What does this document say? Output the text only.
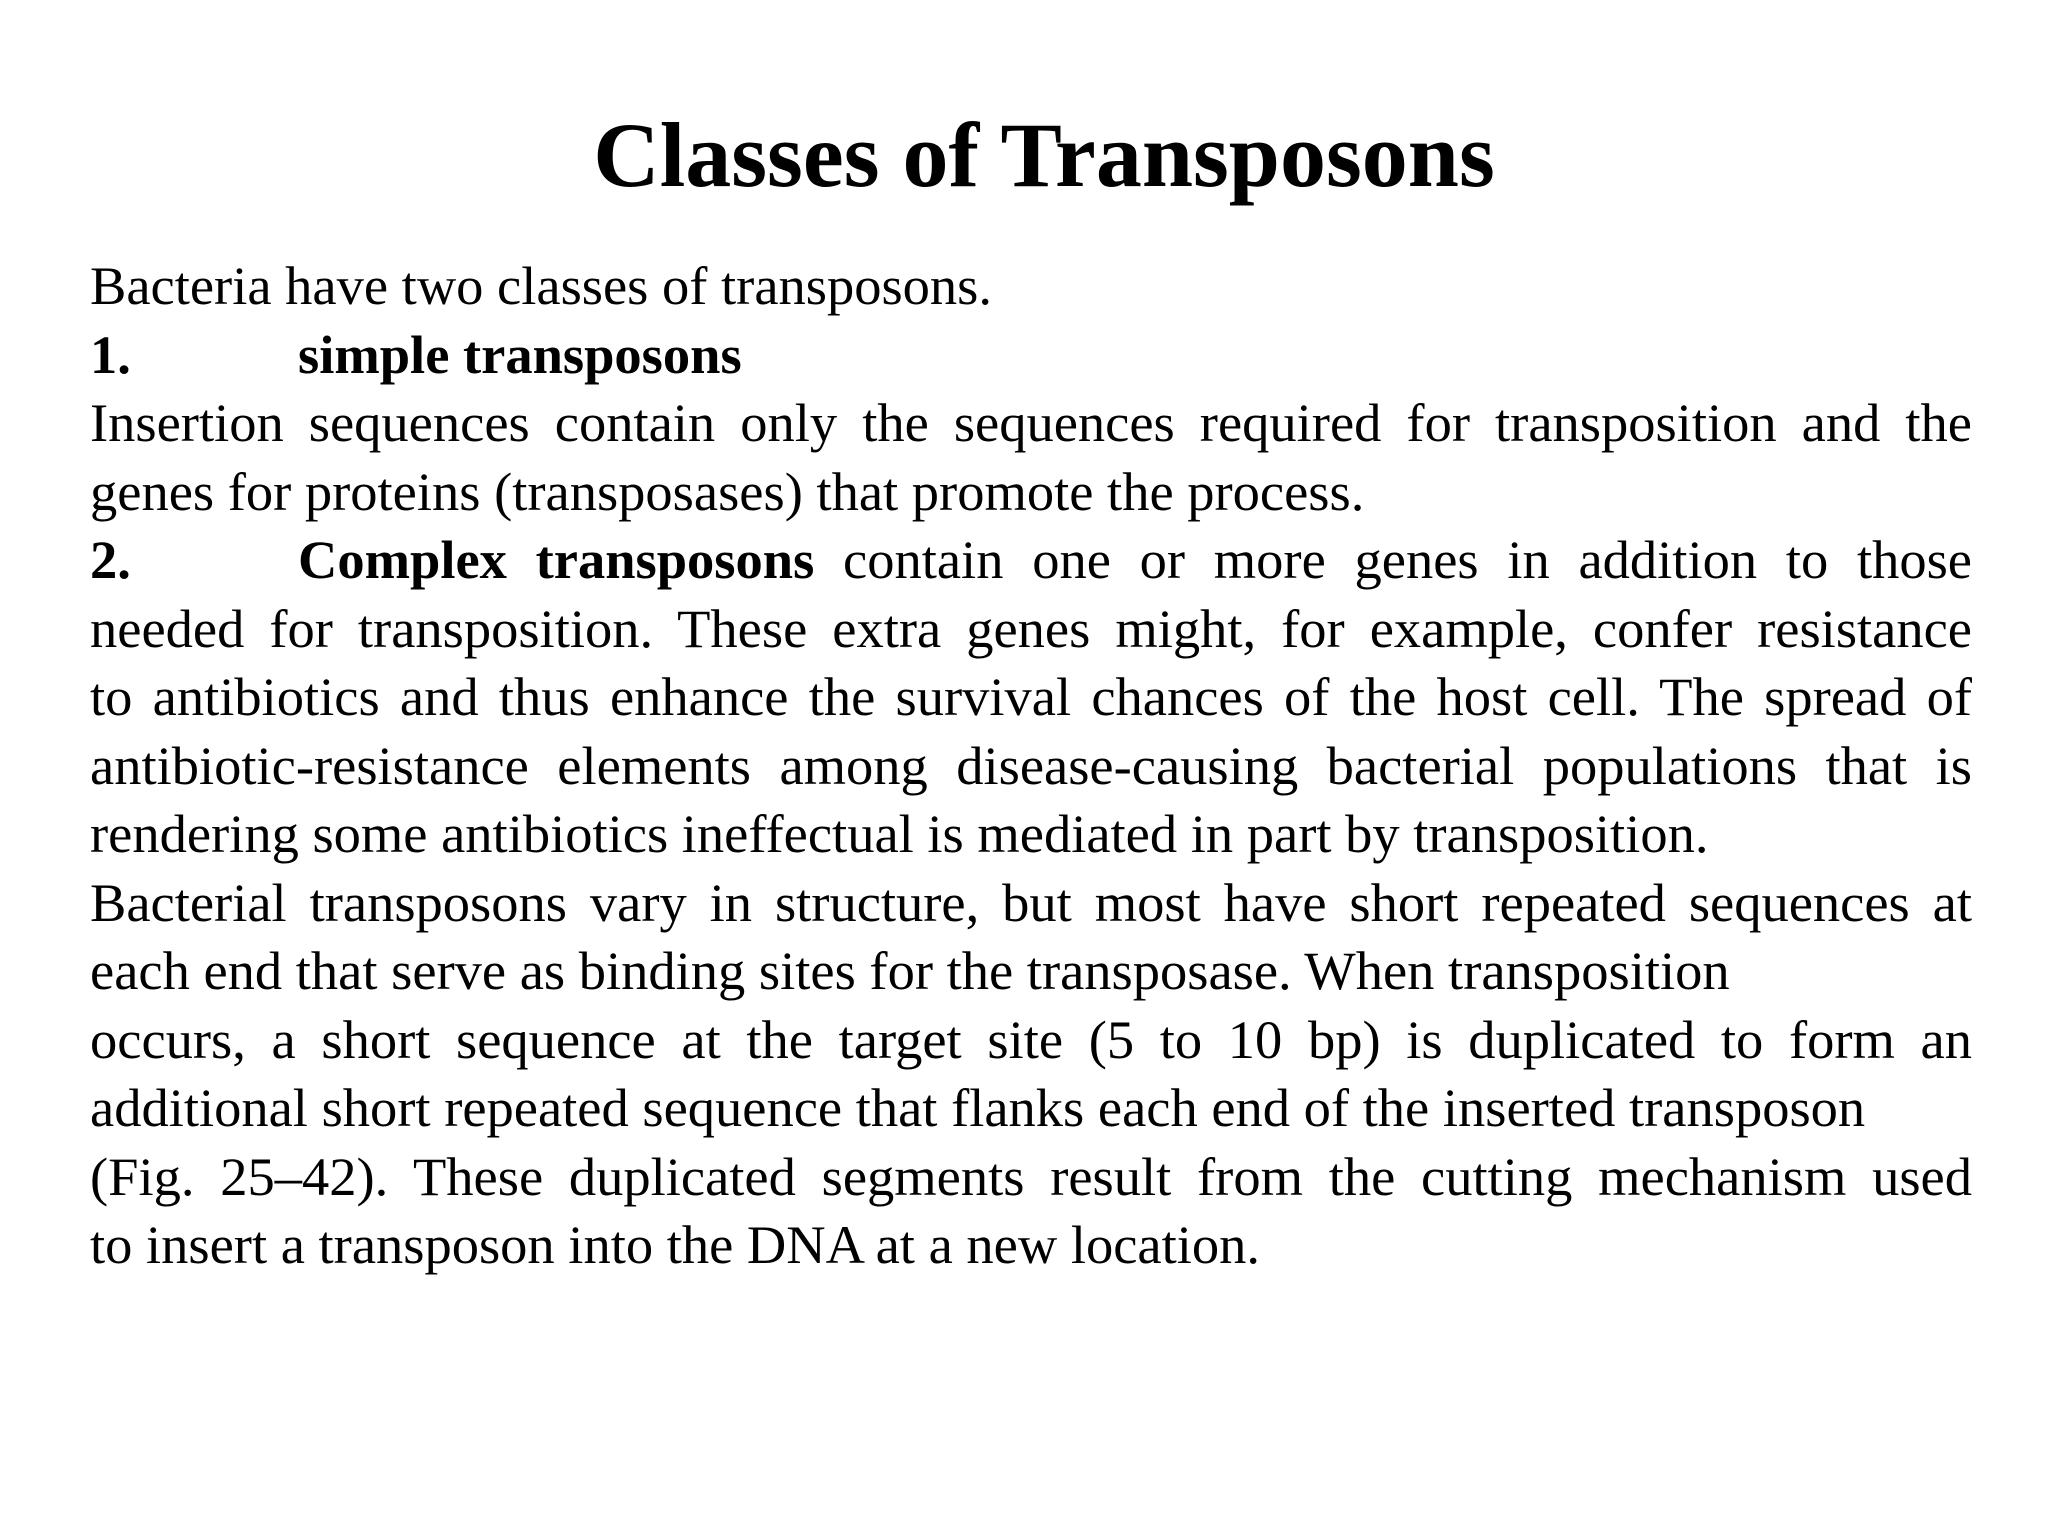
Classes of Transposons
Bacteria have two classes of transposons.
1.	simple transposons
Insertion sequences contain only the sequences required for transposition and the
genes for proteins (transposases) that promote the process.
2.	Complex transposons contain one or more genes in addition to those
needed for transposition. These extra genes might, for example, confer resistance
to antibiotics and thus enhance the survival chances of the host cell. The spread of
antibiotic-resistance elements among disease-causing bacterial populations that is
rendering some antibiotics ineffectual is mediated in part by transposition.
Bacterial transposons vary in structure, but most have short repeated sequences at
each end that serve as binding sites for the transposase. When transposition
occurs, a short sequence at the target site (5 to 10 bp) is duplicated to form an
additional short repeated sequence that flanks each end of the inserted transposon
(Fig. 25–42). These duplicated segments result from the cutting mechanism used
to insert a transposon into the DNA at a new location.
